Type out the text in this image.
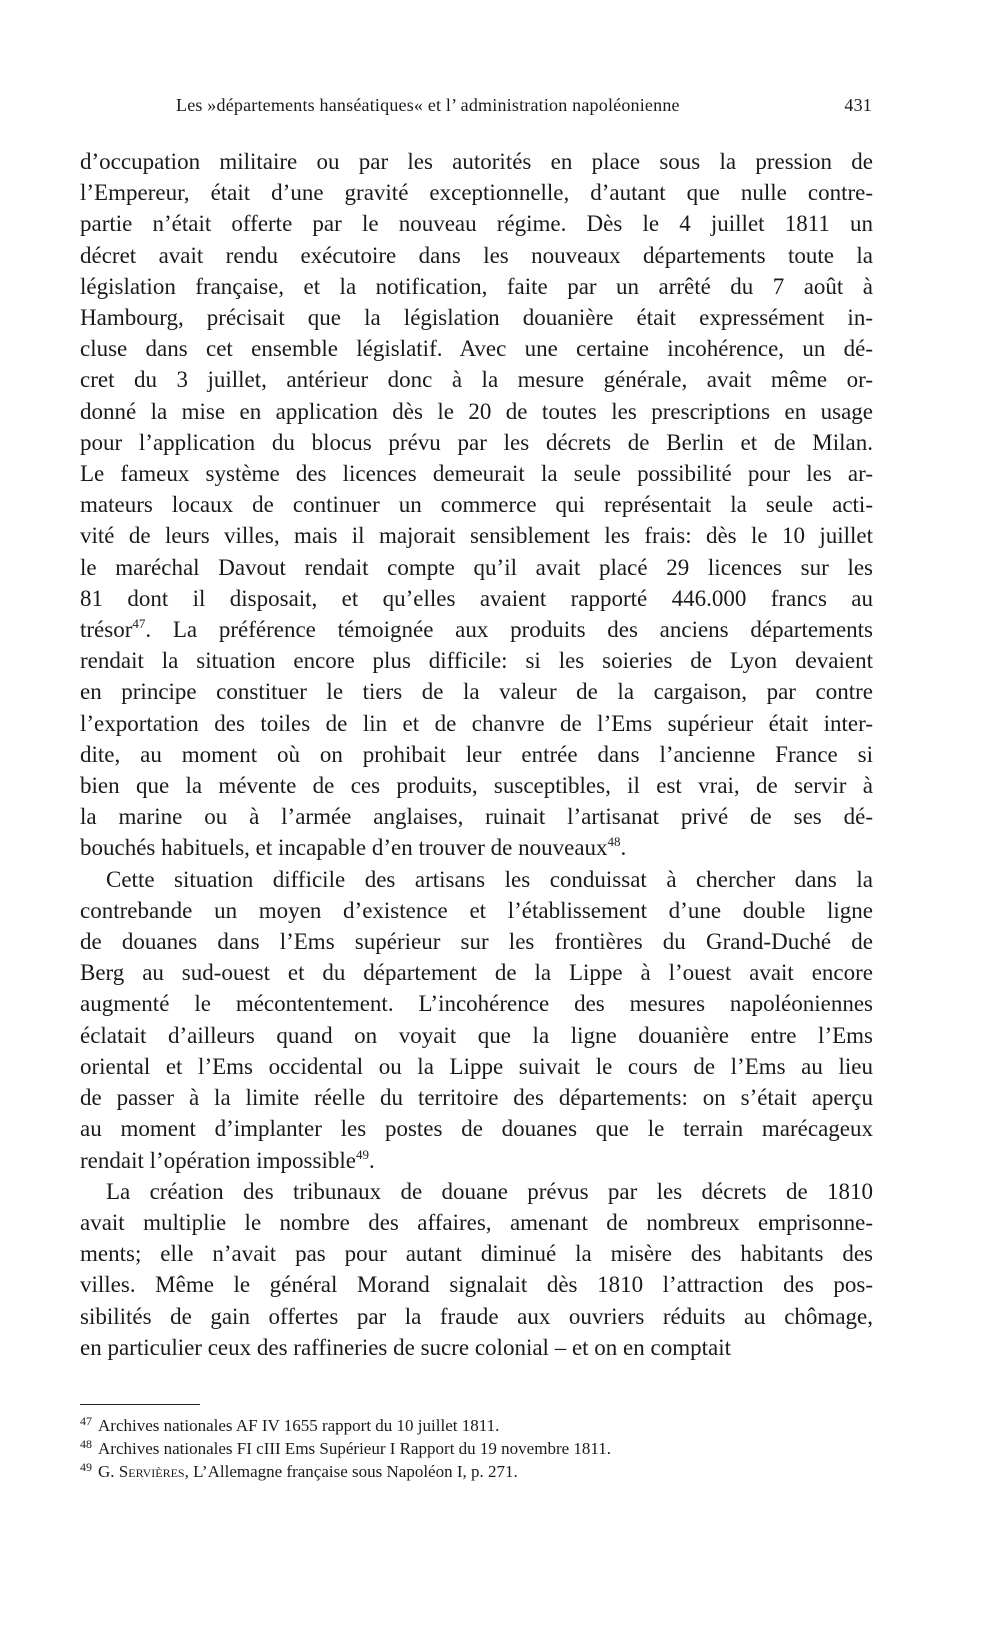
Les »départements hanséatiques« et l’ administration napoléonienne	431
d’occupation militaire ou par les autorités en place sous la pression de
l’Empereur, était d’une gravité exceptionnelle, d’autant que nulle contre-
partie n’était offerte par le nouveau régime. Dès le 4 juillet 1811 un
décret avait rendu exécutoire dans les nouveaux départements toute la
législation française, et la notification, faite par un arrêté du 7 août à
Hambourg, précisait que la législation douanière était expressément in-
cluse dans cet ensemble législatif. Avec une certaine incohérence, un dé-
cret du 3 juillet, antérieur donc à la mesure générale, avait même or-
donné la mise en application dès le 20 de toutes les prescriptions en usage
pour l’application du blocus prévu par les décrets de Berlin et de Milan.
Le fameux système des licences demeurait la seule possibilité pour les ar-
mateurs locaux de continuer un commerce qui représentait la seule acti-
vité de leurs villes, mais il majorait sensiblement les frais: dès le 10 juillet
le maréchal Davout rendait compte qu’il avait placé 29 licences sur les
81 dont il disposait, et qu’elles avaient rapporté 446.000 francs au
trésor$^{47}$. La préférence témoignée aux produits des anciens départements
rendait la situation encore plus difficile: si les soieries de Lyon devaient
en principe constituer le tiers de la valeur de la cargaison, par contre
l’exportation des toiles de lin et de chanvre de l’Ems supérieur était inter-
dite, au moment où on prohibait leur entrée dans l’ancienne France si
bien que la mévente de ces produits, susceptibles, il est vrai, de servir à
la marine ou à l’armée anglaises, ruinait l’artisanat privé de ses dé-
bouchés habituels, et incapable d’en trouver de nouveaux$^{48}$.
Cette situation difficile des artisans les conduissat à chercher dans la
contrebande un moyen d’existence et l’établissement d’une double ligne
de douanes dans l’Ems supérieur sur les frontières du Grand-Duché de
Berg au sud-ouest et du département de la Lippe à l’ouest avait encore
augmenté le mécontentement. L’incohérence des mesures napoléoniennes
éclatait d’ailleurs quand on voyait que la ligne douanière entre l’Ems
oriental et l’Ems occidental ou la Lippe suivait le cours de l’Ems au lieu
de passer à la limite réelle du territoire des départements: on s’était aperçu
au moment d’implanter les postes de douanes que le terrain marécageux
rendait l’opération impossible$^{49}$.
La création des tribunaux de douane prévus par les décrets de 1810
avait multiplie le nombre des affaires, amenant de nombreux emprisonne-
ments; elle n’avait pas pour autant diminué la misère des habitants des
villes. Même le général Morand signalait dès 1810 l’attraction des pos-
sibilités de gain offertes par la fraude aux ouvriers réduits au chômage,
en particulier ceux des raffineries de sucre colonial – et on en comptait
$^{47}$ Archives nationales AF IV 1655 rapport du 10 juillet 1811.
$^{48}$ Archives nationales FI cIII Ems Supérieur I Rapport du 19 novembre 1811.
$^{49}$ G. Servières, L’Allemagne française sous Napoléon I, p. 271.
